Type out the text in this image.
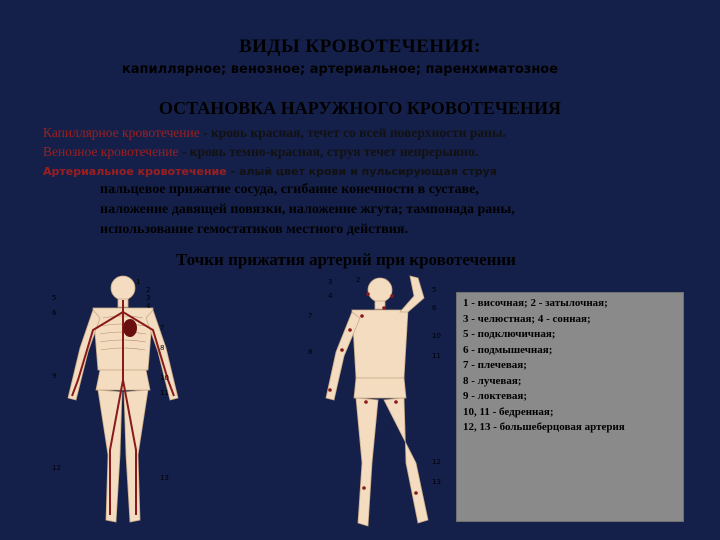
ВИДЫ КРОВОТЕЧЕНИЯ:
капиллярное; венозное; артериальное; паренхиматозное
ОСТАНОВКА НАРУЖНОГО КРОВОТЕЧЕНИЯ
Капиллярное кровотечение - кровь красная, течет со всей поверхности раны.
Венозное кровотечение - кровь темно-красная, струя течет непрерывно.
Артериальное кровотечение - алый цвет крови и пульсирующая струя
пальцевое прижатие сосуда, сгибание конечности в суставе,
наложение давящей повязки, наложение жгута; тампонада раны,
использование гемостатиков местного действия.
Точки прижатия артерий при кровотечении
1
2
3
4
5
6
7
8
9	10
11
12
13
3	2
4
5
6
7
8
10
11
12
13
1 - височная; 2 - затылочная;
3 - челюстная; 4 - сонная;
5 - подключичная;
6 - подмышечная;
7 - плечевая;
8 - лучевая;
9 - локтевая;
10, 11 - бедренная;
12, 13 - большеберцовая артерия
